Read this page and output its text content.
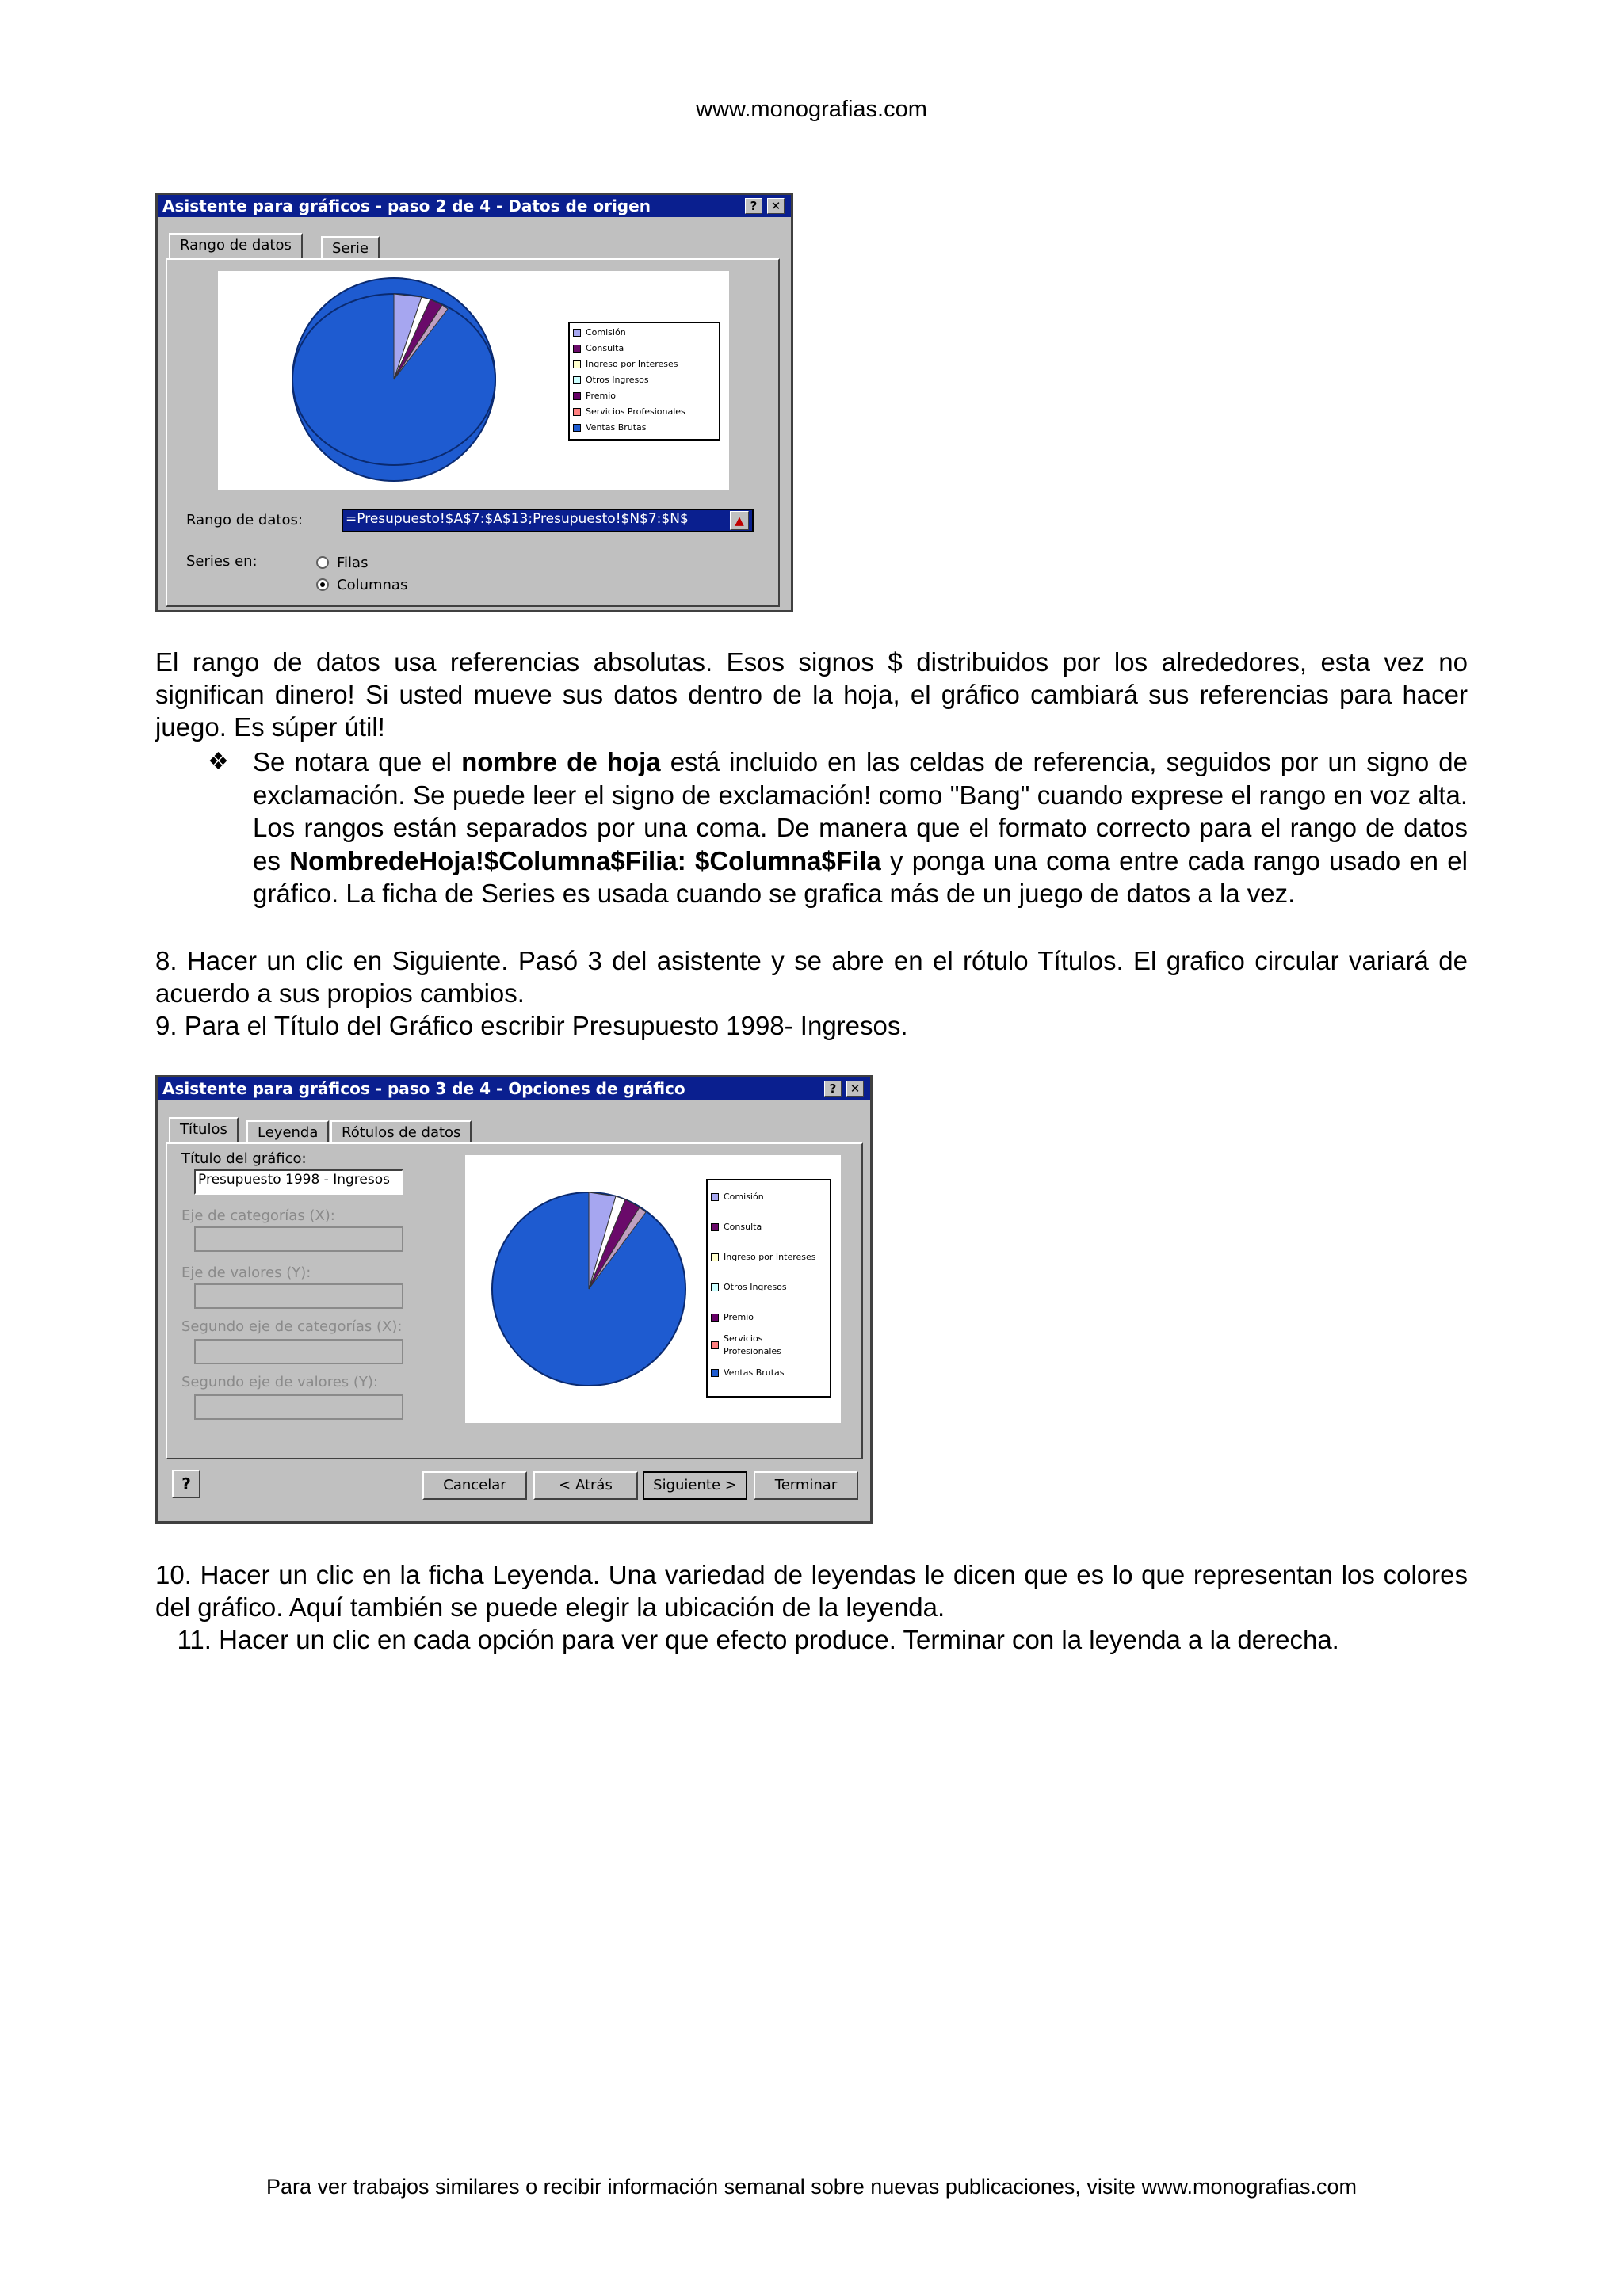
www.monografias.com
Asistente para gráficos - paso 2 de 4 - Datos de origen	?	✕
Rango de datos	Serie
Comisión
Consulta
Ingreso por Intereses
Otros Ingresos
Premio
Servicios Profesionales
Ventas Brutas
Rango de datos:	=Presupuesto!$A$7:$A$13;Presupuesto!$N$7:$N$	▲
Series en:	Filas
Columnas
El rango de datos usa referencias absolutas. Esos signos $ distribuidos por los alrededores, esta vez no significan dinero! Si usted mueve sus datos dentro de la hoja, el gráfico cambiará sus referencias para hacer juego. Es súper útil!
❖ Se notara que el nombre de hoja está incluido en las celdas de referencia, seguidos por un signo de exclamación. Se puede leer el signo de exclamación! como "Bang" cuando exprese el rango en voz alta. Los rangos están separados por una coma. De manera que el formato correcto para el rango de datos es NombredeHoja!$Columna$Filia: $Columna$Fila y ponga una coma entre cada rango usado en el gráfico. La ficha de Series es usada cuando se grafica más de un juego de datos a la vez.
8. Hacer un clic en Siguiente. Pasó 3 del asistente y se abre en el rótulo Títulos. El grafico circular variará de acuerdo a sus propios cambios.
9. Para el Título del Gráfico escribir Presupuesto 1998- Ingresos.
Asistente para gráficos - paso 3 de 4 - Opciones de gráfico	?	✕
Títulos	Leyenda	Rótulos de datos
Título del gráfico:
Presupuesto 1998 - Ingresos
Eje de categorías (X):
Eje de valores (Y):
Segundo eje de categorías (X):
Segundo eje de valores (Y):
Comisión
Consulta
Ingreso por Intereses
Otros Ingresos
Premio
Servicios Profesionales
Ventas Brutas
?	Cancelar	< Atrás	Siguiente >	Terminar
10. Hacer un clic en la ficha Leyenda. Una variedad de leyendas le dicen que es lo que representan los colores del gráfico. Aquí también se puede elegir la ubicación de la leyenda.
11. Hacer un clic en cada opción para ver que efecto produce. Terminar con la leyenda a la derecha.
Para ver trabajos similares o recibir información semanal sobre nuevas publicaciones, visite www.monografias.com
